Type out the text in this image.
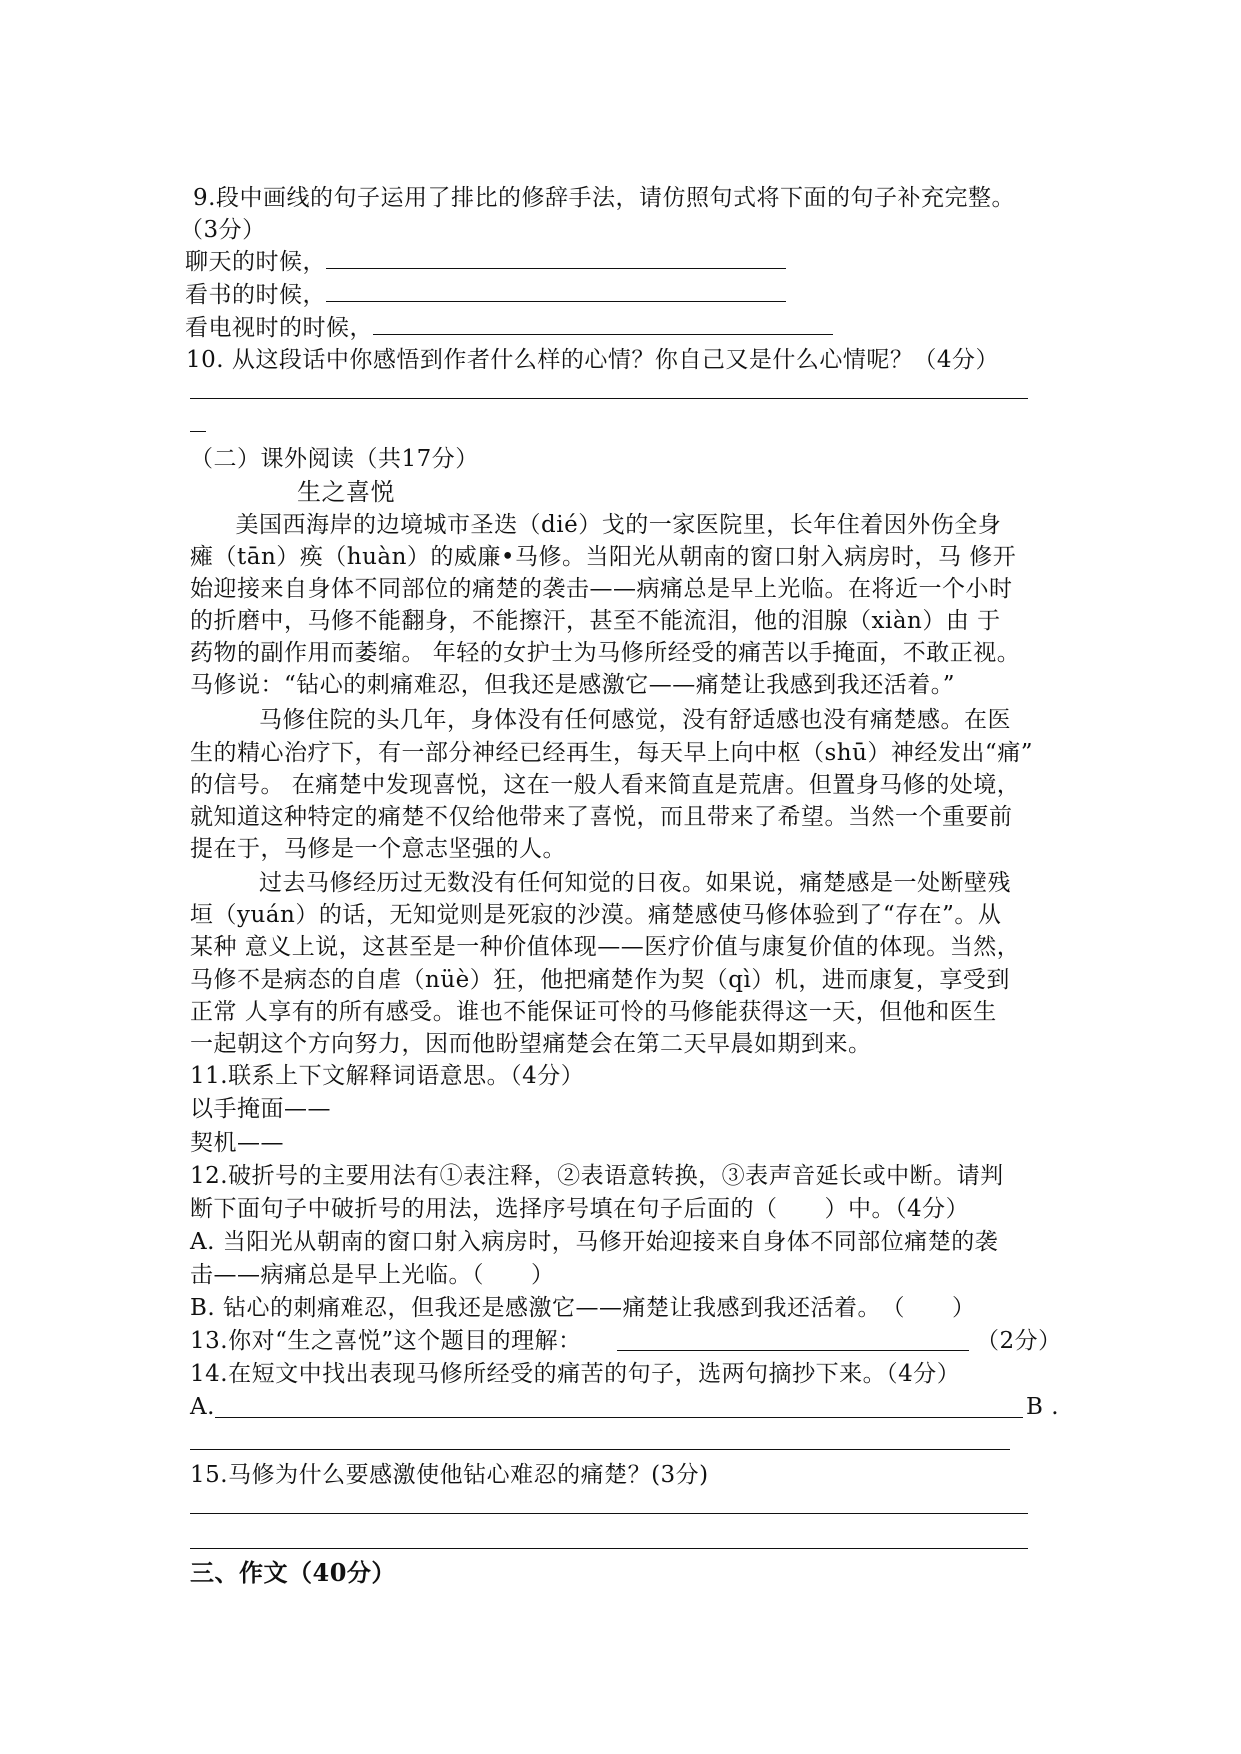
9.段中画线的句子运用了排比的修辞手法，请仿照句式将下面的句子补充完整。
（3分）
聊天的时候，
看书的时候，
看电视时的时候，
10. 从这段话中你感悟到作者什么样的心情？你自己又是什么心情呢？（4分）
（二）课外阅读（共17分）
生之喜悦
　美国西海岸的边境城市圣迭（dié）戈的一家医院里，长年住着因外伤全身
瘫（tān）痪（huàn）的威廉•马修。当阳光从朝南的窗口射入病房时，马 修开
始迎接来自身体不同部位的痛楚的袭击——病痛总是早上光临。在将近一个小时
的折磨中，马修不能翻身，不能擦汗，甚至不能流泪，他的泪腺（xiàn）由 于
药物的副作用而萎缩。 年轻的女护士为马修所经受的痛苦以手掩面，不敢正视。
马修说：“钻心的刺痛难忍，但我还是感激它——痛楚让我感到我还活着。”
　　马修住院的头几年，身体没有任何感觉，没有舒适感也没有痛楚感。在医
生的精心治疗下，有一部分神经已经再生，每天早上向中枢（shū）神经发出“痛”
的信号。 在痛楚中发现喜悦，这在一般人看来简直是荒唐。但置身马修的处境，
就知道这种特定的痛楚不仅给他带来了喜悦，而且带来了希望。当然一个重要前
提在于，马修是一个意志坚强的人。
　　过去马修经历过无数没有任何知觉的日夜。如果说，痛楚感是一处断壁残
垣（yuán）的话，无知觉则是死寂的沙漠。痛楚感使马修体验到了“存在”。从
某种 意义上说，这甚至是一种价值体现——医疗价值与康复价值的体现。当然，
马修不是病态的自虐（nüè）狂，他把痛楚作为契（qì）机，进而康复，享受到
正常 人享有的所有感受。谁也不能保证可怜的马修能获得这一天，但他和医生
一起朝这个方向努力，因而他盼望痛楚会在第二天早晨如期到来。
11.联系上下文解释词语意思。（4分）
以手掩面——
契机——
12.破折号的主要用法有①表注释，②表语意转换，③表声音延长或中断。请判
断下面句子中破折号的用法，选择序号填在句子后面的（　　）中。（4分）
A. 当阳光从朝南的窗口射入病房时，马修开始迎接来自身体不同部位痛楚的袭
击——病痛总是早上光临。（　　）
B. 钻心的刺痛难忍，但我还是感激它——痛楚让我感到我还活着。　（　　）
13.你对“生之喜悦”这个题目的理解：	（2分）
14.在短文中找出表现马修所经受的痛苦的句子，选两句摘抄下来。（4分）
A.	B .
15.马修为什么要感激使他钻心难忍的痛楚？(3分)
三、作文（40分）
